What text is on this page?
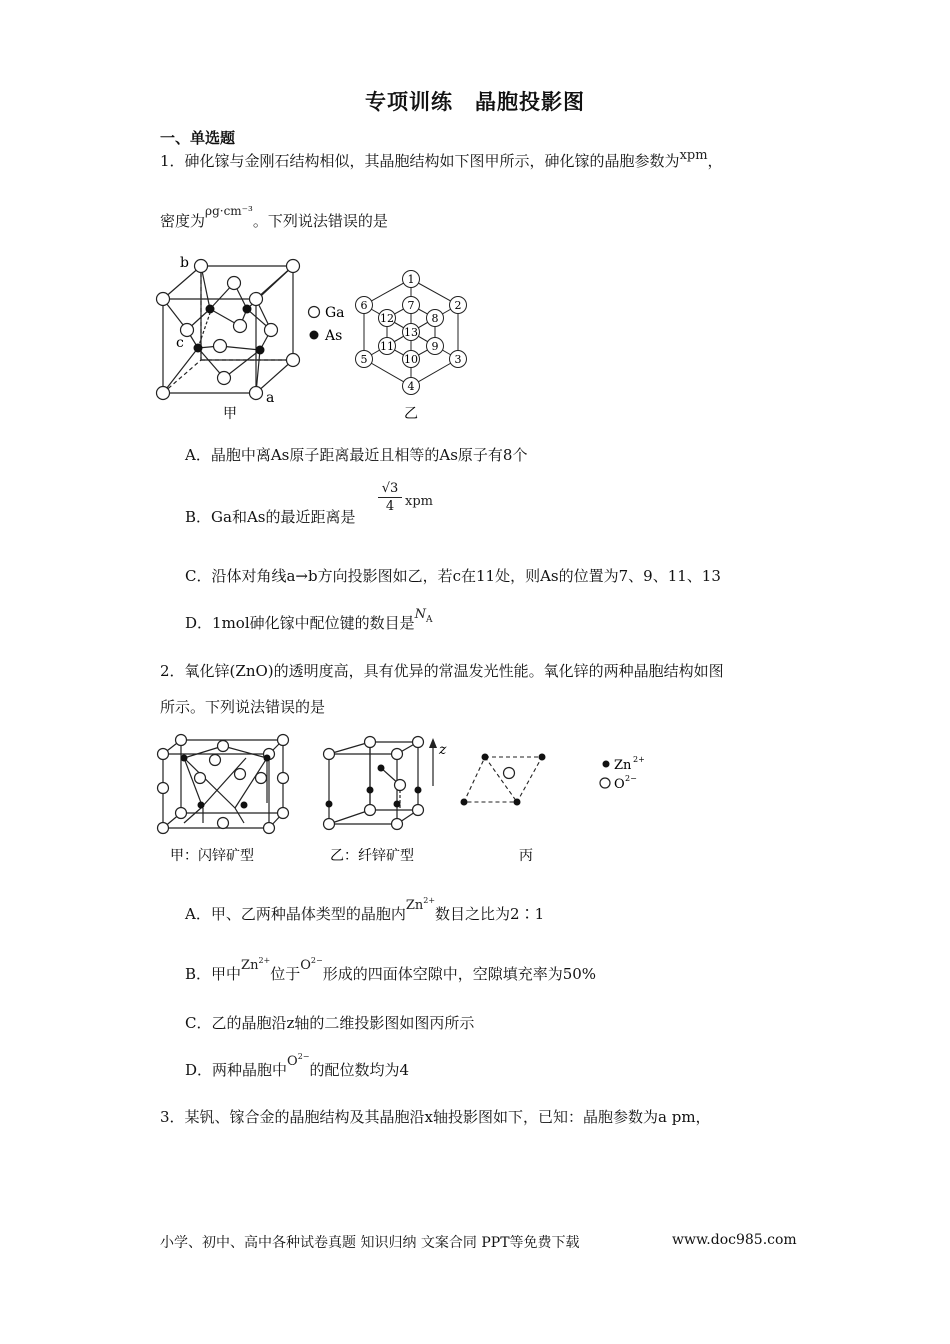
专项训练　晶胞投影图
一、单选题
1．砷化镓与金刚石结构相似，其晶胞结构如下图甲所示，砷化镓的晶胞参数为xpm，
密度为$^{\rho g\cdot cm^{-3}}$。下列说法错误的是
b
c
a
甲
Ga
As
1
2
3
4
5
6	7
8
9
10
11
12
13
乙
A．晶胞中离As原子距离最近且相等的As原子有8个
B．Ga和As的最近距离是
√3
4 xpm
C．沿体对角线a→b方向投影图如乙，若c在11处，则As的位置为7、9、11、13
D．1mol砷化镓中配位键的数目是$N^A$
2．氧化锌(ZnO)的透明度高，具有优异的常温发光性能。氧化锌的两种晶胞结构如图
所示。下列说法错误的是
z
Zn 2+
O 2−
甲：闪锌矿型	乙：纤锌矿型	丙
A．甲、乙两种晶体类型的晶胞内$Zn^{2+}$数目之比为2∶1
B．甲中$Zn^{2+}$位于$O^{2-}$形成的四面体空隙中，空隙填充率为50%
C．乙的晶胞沿z轴的二维投影图如图丙所示
D．两种晶胞中$O^{2-}$的配位数均为4
3．某钒、镓合金的晶胞结构及其晶胞沿x轴投影图如下，已知：晶胞参数为a pm，
小学、初中、高中各种试卷真题 知识归纳 文案合同 PPT等免费下载	www.doc985.com
